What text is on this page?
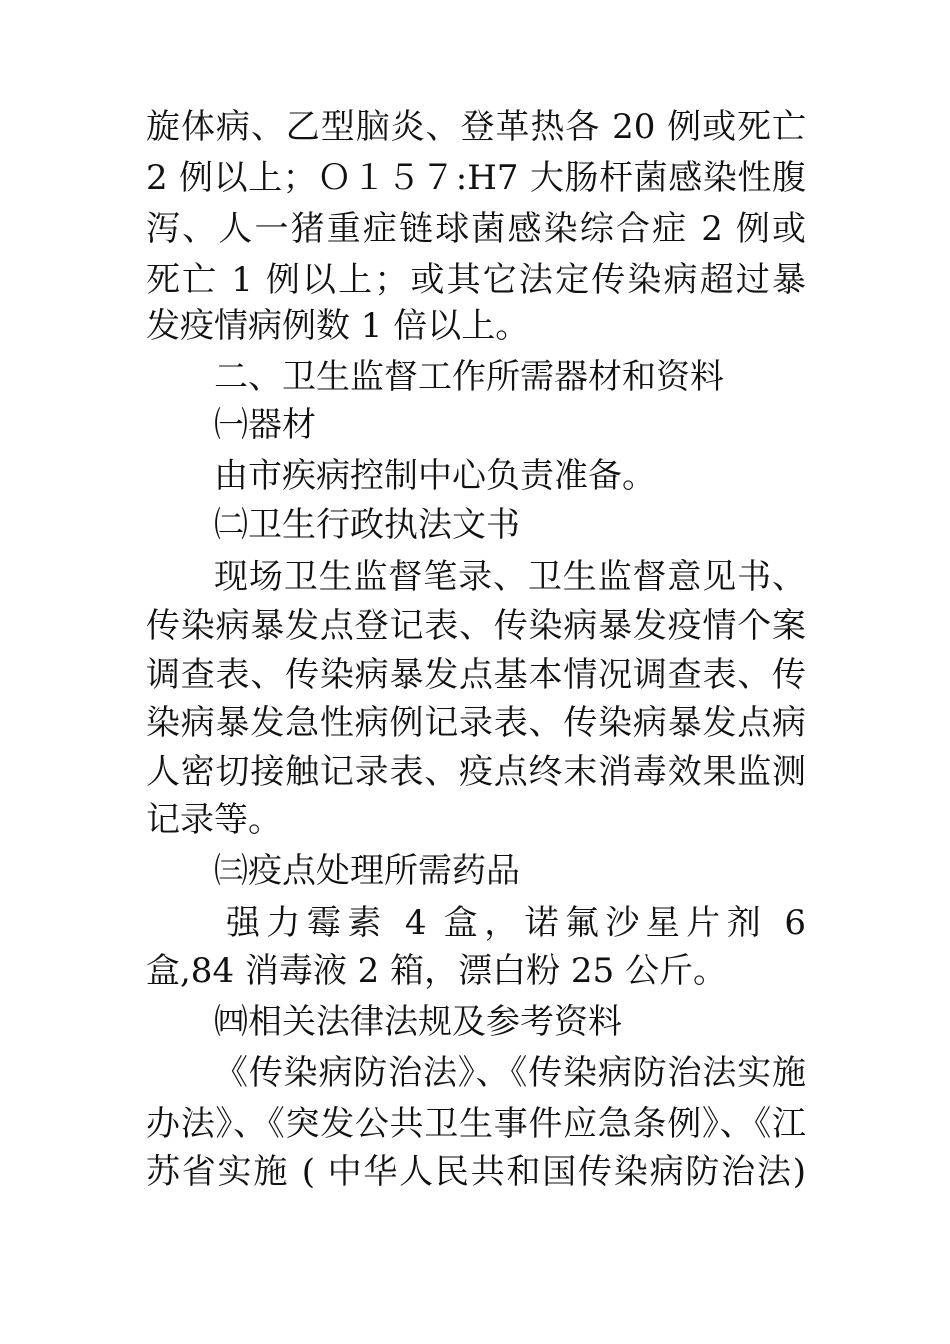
旋体病、乙型脑炎、登革热各 20 例或死亡
2 例以上；Ｏ１５７:H7 大肠杆菌感染性腹
泻、人一猪重症链球菌感染综合症 2 例或
死亡 1 例以上；或其它法定传染病超过暴
发疫情病例数 1 倍以上。
二、卫生监督工作所需器材和资料
㈠器材
由市疾病控制中心负责准备。
㈡卫生行政执法文书
现场卫生监督笔录、卫生监督意见书、
传染病暴发点登记表、传染病暴发疫情个案
调查表、传染病暴发点基本情况调查表、传
染病暴发急性病例记录表、传染病暴发点病
人密切接触记录表、疫点终末消毒效果监测
记录等。
㈢疫点处理所需药品
强力霉素 4 盒，诺氟沙星片剂 6
盒,84 消毒液 2 箱，漂白粉 25 公斤。
㈣相关法律法规及参考资料
《传染病防治法》、《传染病防治法实施
办法》、《突发公共卫生事件应急条例》、《江
苏省实施 ( 中华人民共和国传染病防治法)
